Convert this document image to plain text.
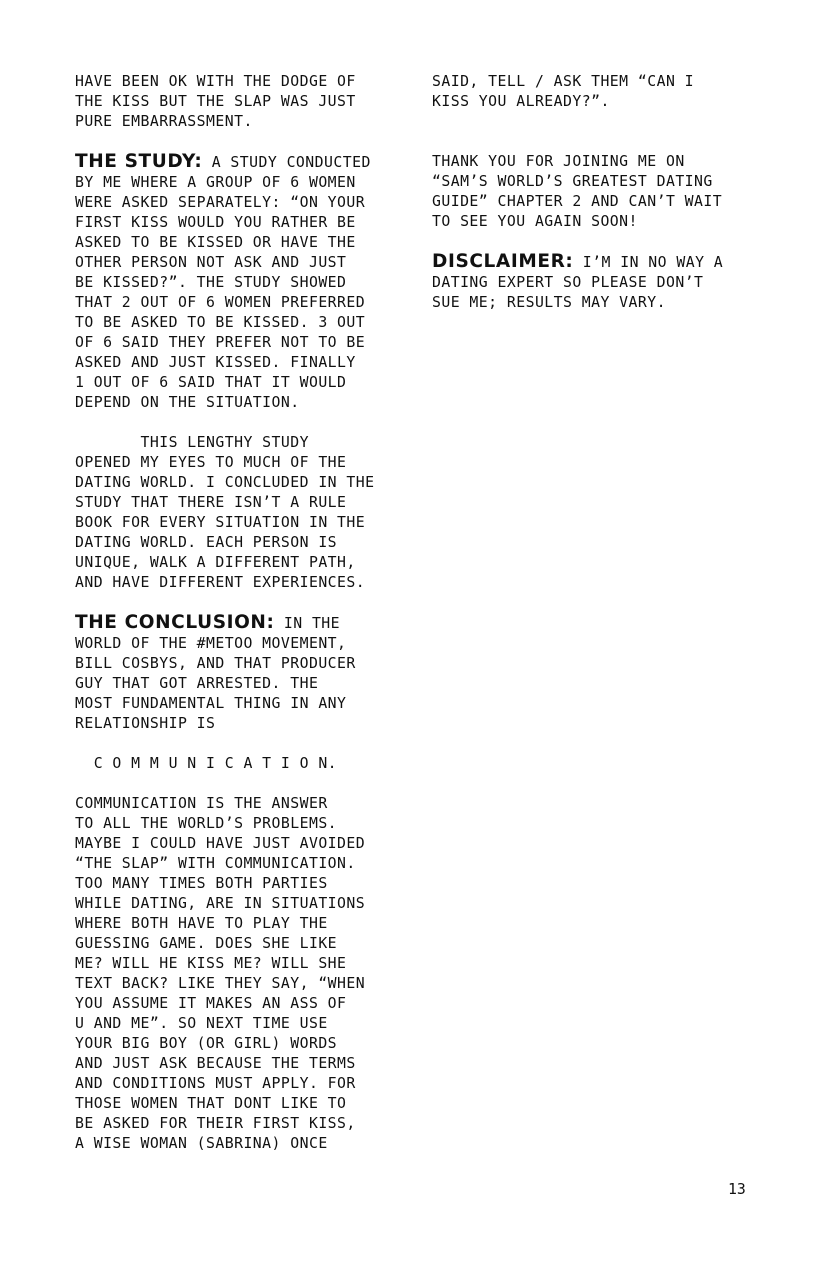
HAVE BEEN OK WITH THE DODGE OF
THE KISS BUT THE SLAP WAS JUST
PURE EMBARRASSMENT.
THE STUDY: A STUDY CONDUCTED
BY ME WHERE A GROUP OF 6 WOMEN
WERE ASKED SEPARATELY: “ON YOUR
FIRST KISS WOULD YOU RATHER BE
ASKED TO BE KISSED OR HAVE THE
OTHER PERSON NOT ASK AND JUST
BE KISSED?”. THE STUDY SHOWED
THAT 2 OUT OF 6 WOMEN PREFERRED
TO BE ASKED TO BE KISSED. 3 OUT
OF 6 SAID THEY PREFER NOT TO BE
ASKED AND JUST KISSED. FINALLY
1 OUT OF 6 SAID THAT IT WOULD
DEPEND ON THE SITUATION.
THIS LENGTHY STUDY
OPENED MY EYES TO MUCH OF THE
DATING WORLD. I CONCLUDED IN THE
STUDY THAT THERE ISN’T A RULE
BOOK FOR EVERY SITUATION IN THE
DATING WORLD. EACH PERSON IS
UNIQUE, WALK A DIFFERENT PATH,
AND HAVE DIFFERENT EXPERIENCES.
THE CONCLUSION: IN THE
WORLD OF THE #METOO MOVEMENT,
BILL COSBYS, AND THAT PRODUCER
GUY THAT GOT ARRESTED. THE
MOST FUNDAMENTAL THING IN ANY
RELATIONSHIP IS
C O M M U N I C A T I O N.
COMMUNICATION IS THE ANSWER
TO ALL THE WORLD’S PROBLEMS.
MAYBE I COULD HAVE JUST AVOIDED
“THE SLAP” WITH COMMUNICATION.
TOO MANY TIMES BOTH PARTIES
WHILE DATING, ARE IN SITUATIONS
WHERE BOTH HAVE TO PLAY THE
GUESSING GAME. DOES SHE LIKE
ME? WILL HE KISS ME? WILL SHE
TEXT BACK? LIKE THEY SAY, “WHEN
YOU ASSUME IT MAKES AN ASS OF
U AND ME”. SO NEXT TIME USE
YOUR BIG BOY (OR GIRL) WORDS
AND JUST ASK BECAUSE THE TERMS
AND CONDITIONS MUST APPLY. FOR
THOSE WOMEN THAT DONT LIKE TO
BE ASKED FOR THEIR FIRST KISS,
A WISE WOMAN (SABRINA) ONCE
SAID, TELL / ASK THEM “CAN I
KISS YOU ALREADY?”.
THANK YOU FOR JOINING ME ON
“SAM’S WORLD’S GREATEST DATING
GUIDE” CHAPTER 2 AND CAN’T WAIT
TO SEE YOU AGAIN SOON!
DISCLAIMER: I’M IN NO WAY A
DATING EXPERT SO PLEASE DON’T
SUE ME; RESULTS MAY VARY.
13
